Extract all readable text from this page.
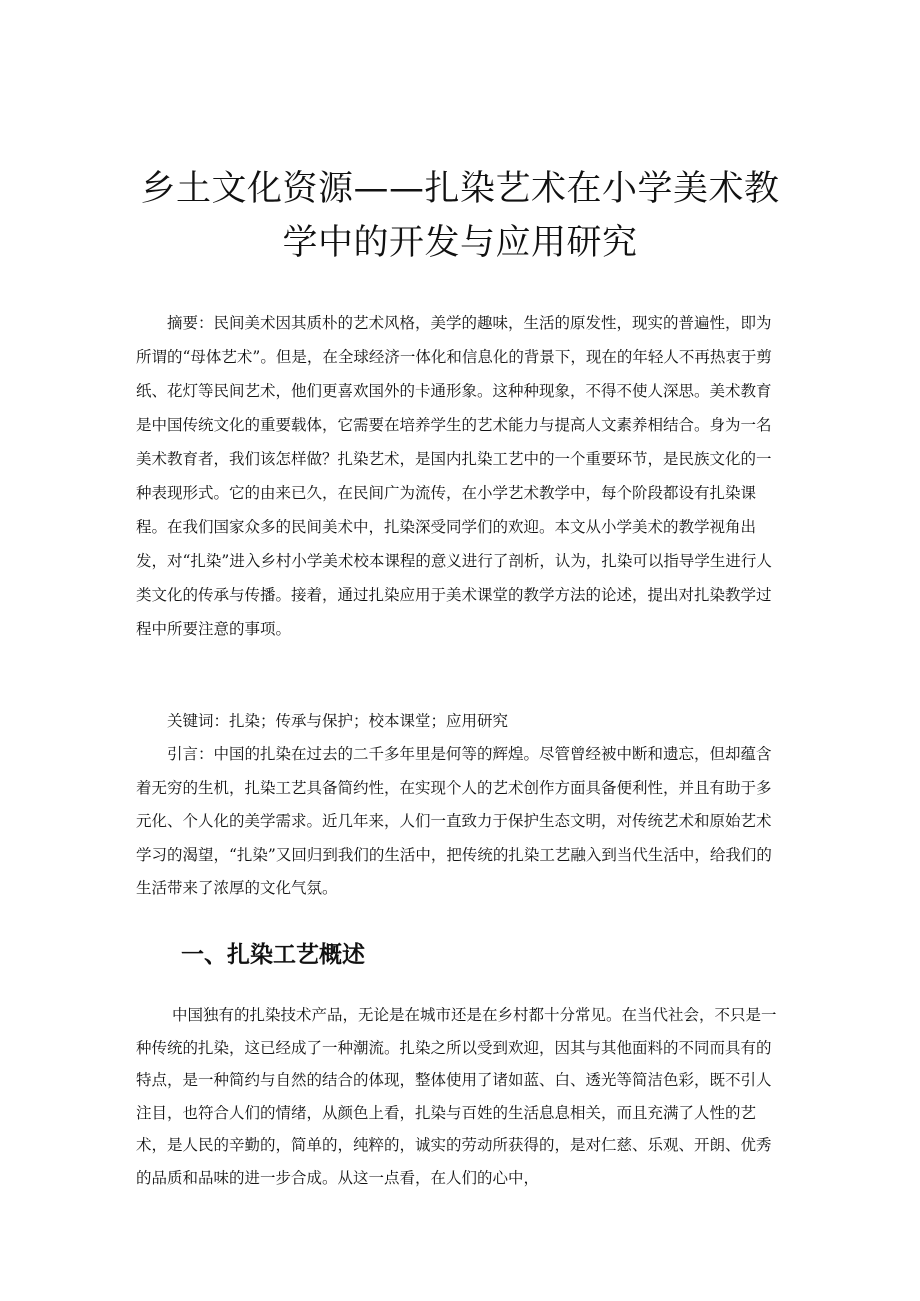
乡土文化资源——扎染艺术在小学美术教
学中的开发与应用研究

摘要：民间美术因其质朴的艺术风格，美学的趣味，生活的原发性，现实的普遍性，即为所谓的“母体艺术”。但是，在全球经济一体化和信息化的背景下，现在的年轻人不再热衷于剪纸、花灯等民间艺术，他们更喜欢国外的卡通形象。这种种现象，不得不使人深思。美术教育是中国传统文化的重要载体，它需要在培养学生的艺术能力与提高人文素养相结合。身为一名美术教育者，我们该怎样做？扎染艺术，是国内扎染工艺中的一个重要环节，是民族文化的一种表现形式。它的由来已久，在民间广为流传，在小学艺术教学中，每个阶段都设有扎染课程。在我们国家众多的民间美术中，扎染深受同学们的欢迎。本文从小学美术的教学视角出发，对“扎染”进入乡村小学美术校本课程的意义进行了剖析，认为，扎染可以指导学生进行人类文化的传承与传播。接着，通过扎染应用于美术课堂的教学方法的论述，提出对扎染教学过程中所要注意的事项。

关键词：扎染；传承与保护；校本课堂；应用研究

引言：中国的扎染在过去的二千多年里是何等的辉煌。尽管曾经被中断和遗忘，但却蕴含着无穷的生机，扎染工艺具备简约性，在实现个人的艺术创作方面具备便利性，并且有助于多元化、个人化的美学需求。近几年来，人们一直致力于保护生态文明，对传统艺术和原始艺术学习的渴望，“扎染”又回归到我们的生活中，把传统的扎染工艺融入到当代生活中，给我们的生活带来了浓厚的文化气氛。

一、扎染工艺概述

中国独有的扎染技术产品，无论是在城市还是在乡村都十分常见。在当代社会，不只是一种传统的扎染，这已经成了一种潮流。扎染之所以受到欢迎，因其与其他面料的不同而具有的特点，是一种简约与自然的结合的体现，整体使用了诸如蓝、白、透光等简洁色彩，既不引人注目，也符合人们的情绪，从颜色上看，扎染与百姓的生活息息相关，而且充满了人性的艺术，是人民的辛勤的，简单的，纯粹的，诚实的劳动所获得的，是对仁慈、乐观、开朗、优秀的品质和品味的进一步合成。从这一点看，在人们的心中，
